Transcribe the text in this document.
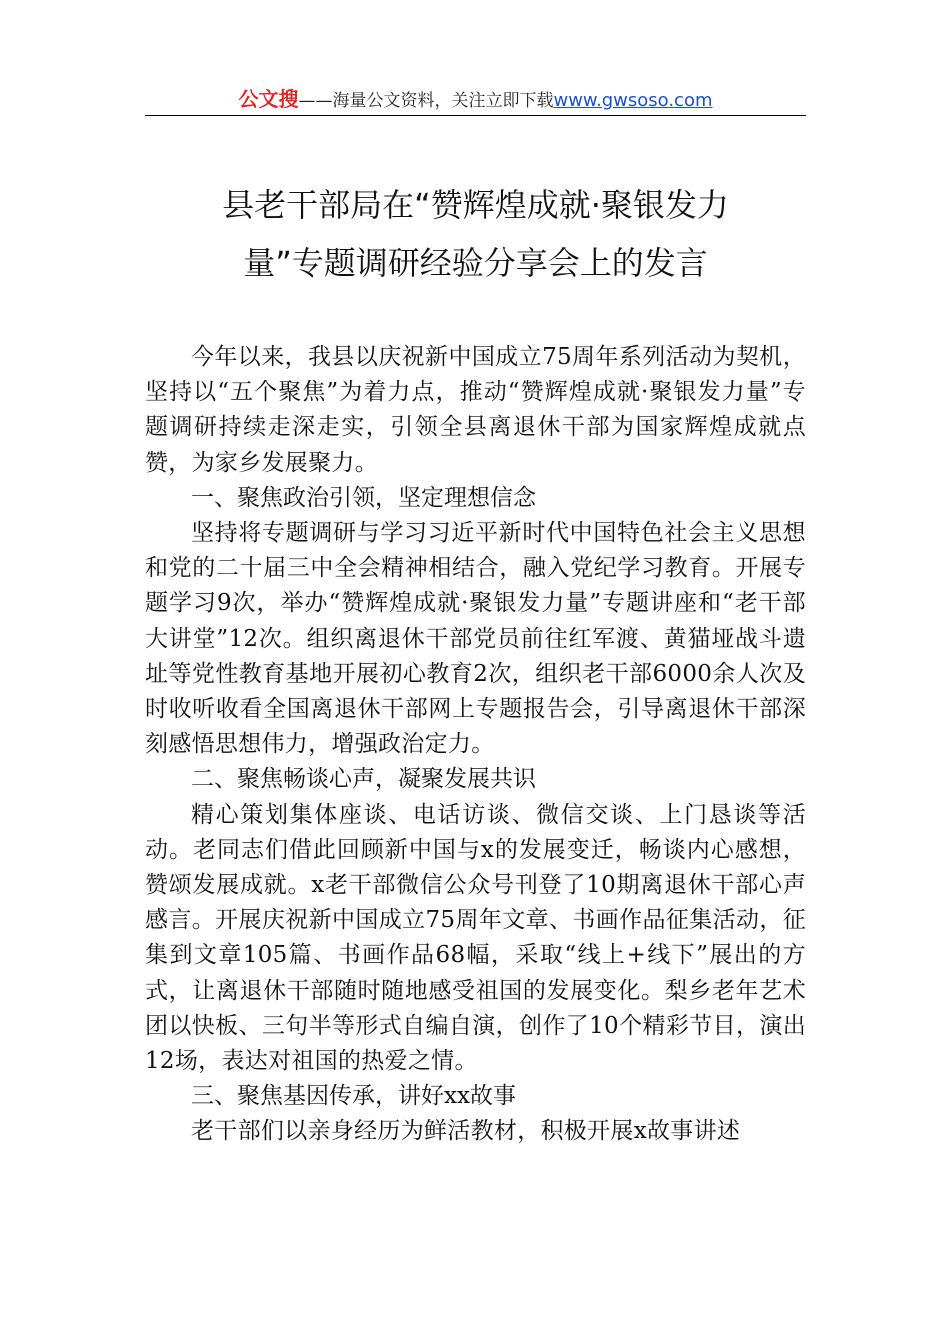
公文搜——海量公文资料，关注立即下载www.gwsoso.com
县老干部局在“赞辉煌成就·聚银发力
量”专题调研经验分享会上的发言

今年以来，我县以庆祝新中国成立75周年系列活动为契机，坚持以“五个聚焦”为着力点，推动“赞辉煌成就·聚银发力量”专题调研持续走深走实，引领全县离退休干部为国家辉煌成就点赞，为家乡发展聚力。

一、聚焦政治引领，坚定理想信念

坚持将专题调研与学习习近平新时代中国特色社会主义思想和党的二十届三中全会精神相结合，融入党纪学习教育。开展专题学习9次，举办“赞辉煌成就·聚银发力量”专题讲座和“老干部大讲堂”12次。组织离退休干部党员前往红军渡、黄猫垭战斗遗址等党性教育基地开展初心教育2次，组织老干部6000余人次及时收听收看全国离退休干部网上专题报告会，引导离退休干部深刻感悟思想伟力，增强政治定力。

二、聚焦畅谈心声，凝聚发展共识

精心策划集体座谈、电话访谈、微信交谈、上门恳谈等活动。老同志们借此回顾新中国与x的发展变迁，畅谈内心感想，赞颂发展成就。x老干部微信公众号刊登了10期离退休干部心声感言。开展庆祝新中国成立75周年文章、书画作品征集活动，征集到文章105篇、书画作品68幅，采取“线上+线下”展出的方式，让离退休干部随时随地感受祖国的发展变化。梨乡老年艺术团以快板、三句半等形式自编自演，创作了10个精彩节目，演出12场，表达对祖国的热爱之情。

三、聚焦基因传承，讲好xx故事

老干部们以亲身经历为鲜活教材，积极开展x故事讲述
